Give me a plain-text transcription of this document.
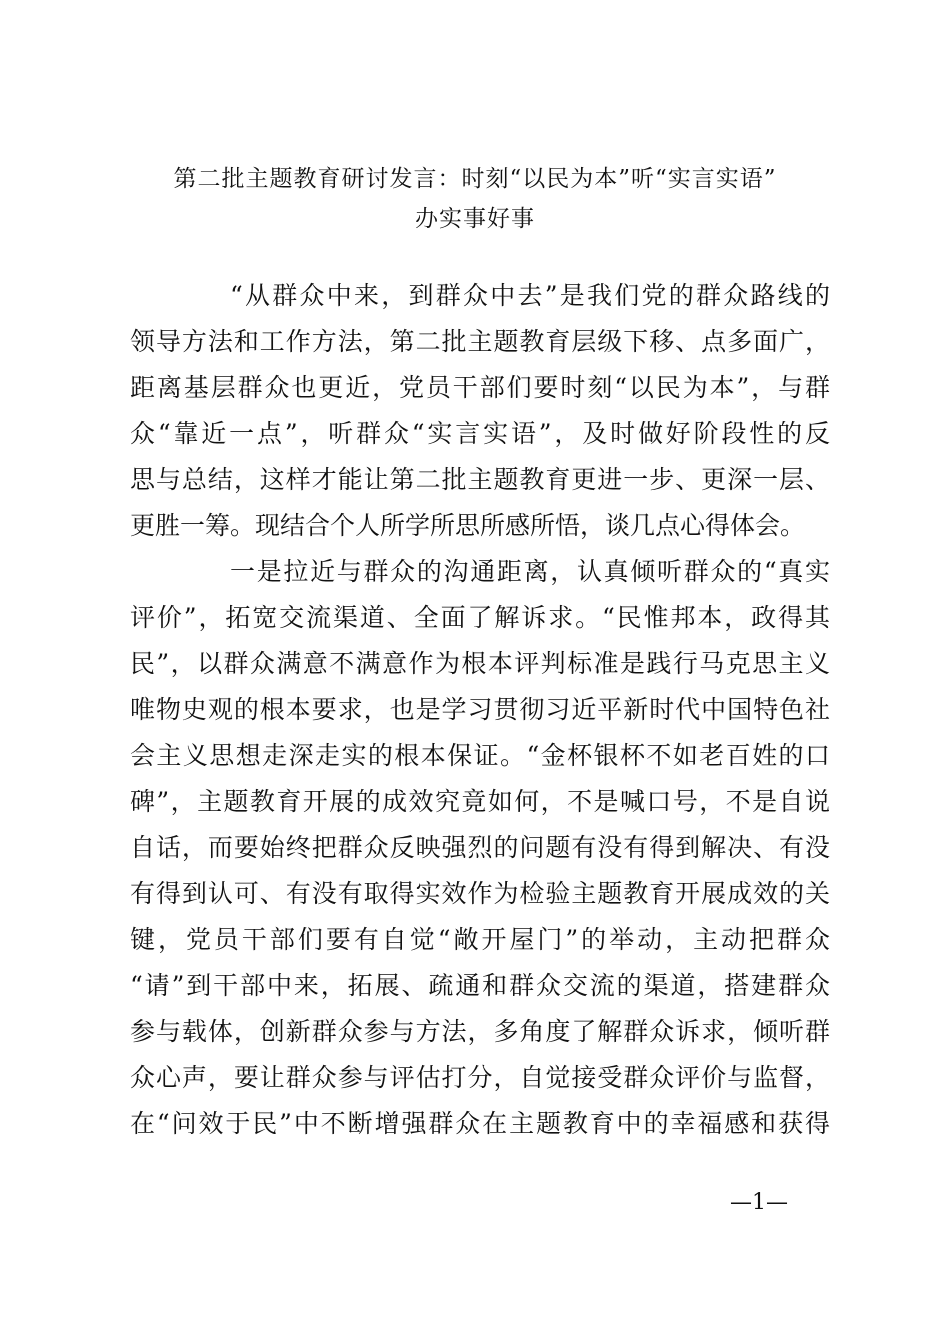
第二批主题教育研讨发言：时刻“以民为本”听“实言实语”
办实事好事
“从群众中来，到群众中去”是我们党的群众路线的
领导方法和工作方法，第二批主题教育层级下移、点多面广，
距离基层群众也更近，党员干部们要时刻“以民为本”，与群
众“靠近一点”，听群众“实言实语”，及时做好阶段性的反
思与总结，这样才能让第二批主题教育更进一步、更深一层、
更胜一筹。现结合个人所学所思所感所悟，谈几点心得体会。
一是拉近与群众的沟通距离，认真倾听群众的“真实
评价”，拓宽交流渠道、全面了解诉求。“民惟邦本，政得其
民”，以群众满意不满意作为根本评判标准是践行马克思主义
唯物史观的根本要求，也是学习贯彻习近平新时代中国特色社
会主义思想走深走实的根本保证。“金杯银杯不如老百姓的口
碑”，主题教育开展的成效究竟如何，不是喊口号，不是自说
自话，而要始终把群众反映强烈的问题有没有得到解决、有没
有得到认可、有没有取得实效作为检验主题教育开展成效的关
键，党员干部们要有自觉“敞开屋门”的举动，主动把群众
“请”到干部中来，拓展、疏通和群众交流的渠道，搭建群众
参与载体，创新群众参与方法，多角度了解群众诉求，倾听群
众心声，要让群众参与评估打分，自觉接受群众评价与监督，
在“问效于民”中不断增强群众在主题教育中的幸福感和获得
—1—
